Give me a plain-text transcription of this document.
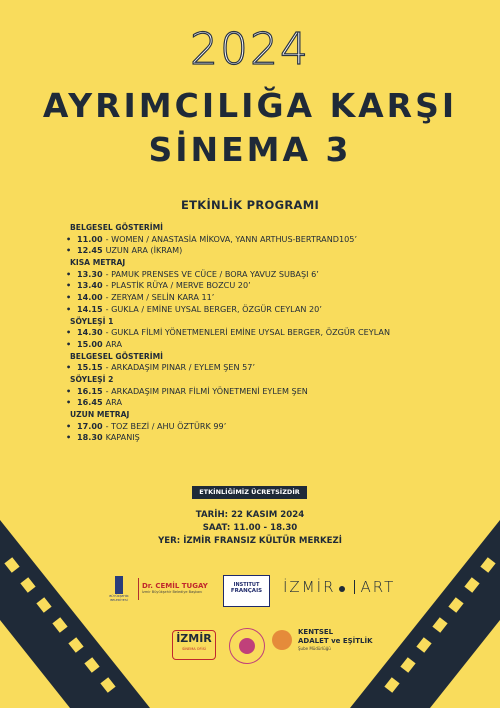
2024
AYRIMCILIĞA KARŞI
SİNEMA 3
ETKİNLİK PROGRAMI
BELGESEL GÖSTERİMİ
• 11.00 - WOMEN / ANASTASİA MİKOVA, YANN ARTHUS-BERTRAND105’
• 12.45 UZUN ARA (İKRAM)
KISA METRAJ
• 13.30 - PAMUK PRENSES VE CÜCE / BORA YAVUZ SUBAŞI 6’
• 13.40 - PLASTİK RÜYA / MERVE BOZCU 20’
• 14.00 - ZERYAM / SELİN KARA 11’
• 14.15 - GUKLA / EMİNE UYSAL BERGER, ÖZGÜR CEYLAN 20’
SÖYLEŞİ 1
• 14.30 - GUKLA FİLMİ YÖNETMENLERİ EMİNE UYSAL BERGER, ÖZGÜR CEYLAN
• 15.00 ARA
BELGESEL GÖSTERİMİ
• 15.15 - ARKADAŞIM PINAR / EYLEM ŞEN 57’
SÖYLEŞİ 2
• 16.15 - ARKADAŞIM PINAR FİLMİ YÖNETMENİ EYLEM ŞEN
• 16.45 ARA
UZUN METRAJ
• 17.00 - TOZ BEZİ / AHU ÖZTÜRK 99’
• 18.30 KAPANIŞ
ETKİNLİĞİMİZ ÜCRETSİZDİR
TARİH: 22 KASIM 2024
SAAT: 11.00 - 18.30
YER: İZMİR FRANSIZ KÜLTÜR MERKEZİ
BÜYÜKŞEHİR BELEDİYESİ
Dr. CEMİL TUGAY
İzmir Büyükşehir Belediye Başkanı
INSTITUT
FRANÇAIS	İZMİR ART
İZMİR
SİNEMA OFİSİ
KENTSEL
ADALET ve EŞİTLİK
Şube Müdürlüğü
